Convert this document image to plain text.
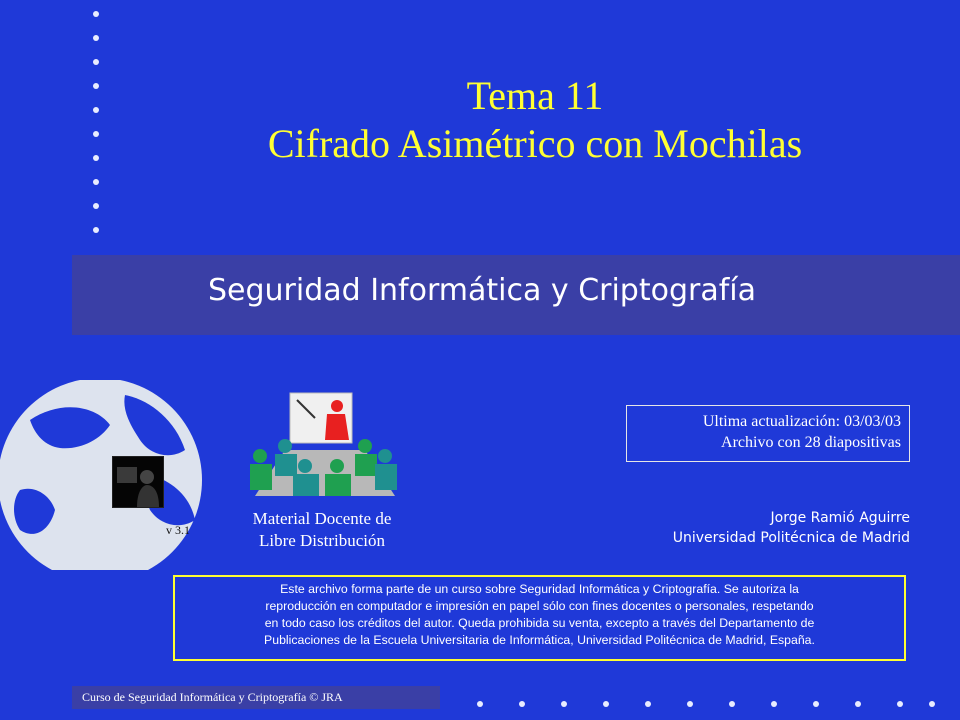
Tema 11
Cifrado Asimétrico con Mochilas
Seguridad Informática y Criptografía
v 3.1
Material Docente de
Libre Distribución
Ultima actualización: 03/03/03
Archivo con 28 diapositivas
Jorge Ramió Aguirre
Universidad Politécnica de Madrid
Este archivo forma parte de un curso sobre Seguridad Informática y Criptografía. Se autoriza la
reproducción en computador e impresión en papel sólo con fines docentes o personales, respetando
en todo caso los créditos del autor. Queda prohibida su venta, excepto a través del Departamento de
Publicaciones de la Escuela Universitaria de Informática, Universidad Politécnica de Madrid, España.
Curso de Seguridad Informática y Criptografía © JRA
